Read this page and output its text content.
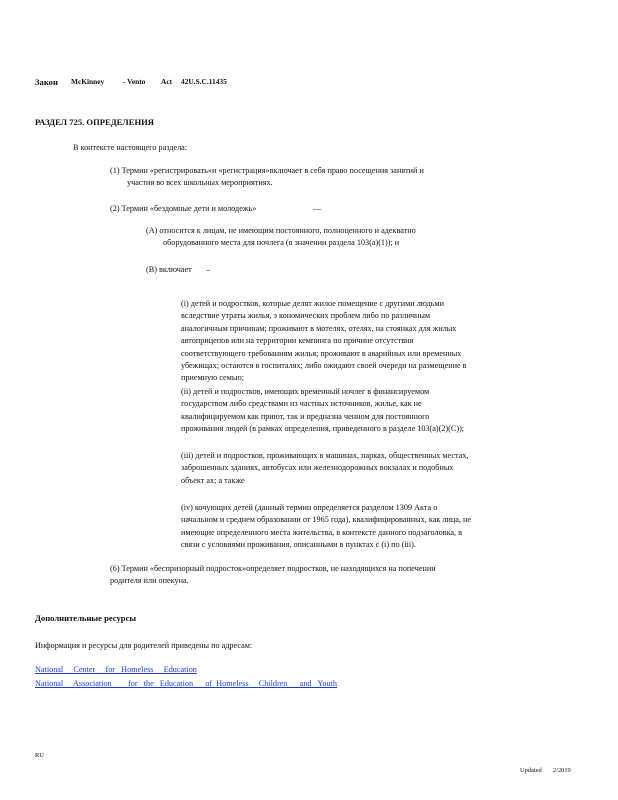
Закон McKinney	- Vento Act 42U.S.C.11435
РАЗДЕЛ 725. ОПРЕДЕЛЕНИЯ
В контексте настоящего раздела:
(1) Термин «регистрировать»и «регистрация»включает в себя право посещения занятий и
участия во всех школьных мероприятиях.
(2) Термин «бездомные дети и молодежь»	—
(А) относится к лицам, не имеющим постоянного, полноценного и адекватно
оборудованного места для ночлега (в значении раздела 103(а)(1)); и
(В) включает –
(i) детей и подростков, которые делят жилое помещение с другими людьми
вследствие утраты жилья, э кономических проблем либо по различным
аналогичным причинам; проживают в мотелях, отелях, на стоянках для жилых
автоприцепов или на территории кемпинга по причине отсутствия
соответствующего требованиям жилья; проживают в аварийных или временных
убежищах; остаются в госпиталях; либо ожидают своей очереди на размещение в
приемную семью;
(ii) детей и подростков, имеющих временный ночлег в финансируемом
государством либо средствами из частных источников, жилье, как не
квалифицируемом как приют, так и предназна ченном для постоянного
проживания людей (в рамках определения, приведенного в разделе 103(а)(2)(С));
(iii) детей и подростков, проживающих в машинах, парках, общественных местах,
заброшенных зданиях, автобусах или железнодорожных вокзалах и подобных
объект ах; а также
(iv) кочующих детей (данный термин определяется разделом 1309 Акта о
начальном и среднем образовании от 1965 года), квалифицированных, как лица, не
имеющие определенного места жительства, в контексте данного подзаголовка, в
связи с условиями проживания, описанными в пунктах с (i) по (iii).
(6) Термин «беспризорный подросток»определяет подростков, не находящихся на попечении
родителя или опекуна.
Дополнительные ресурсы
Информация и ресурсы для родителей приведены по адресам:
National     Center     for   Homeless     Education
National     Association        for   the   Education      of  Homeless     Children      and   Youth
RU
Updated 2/2019
